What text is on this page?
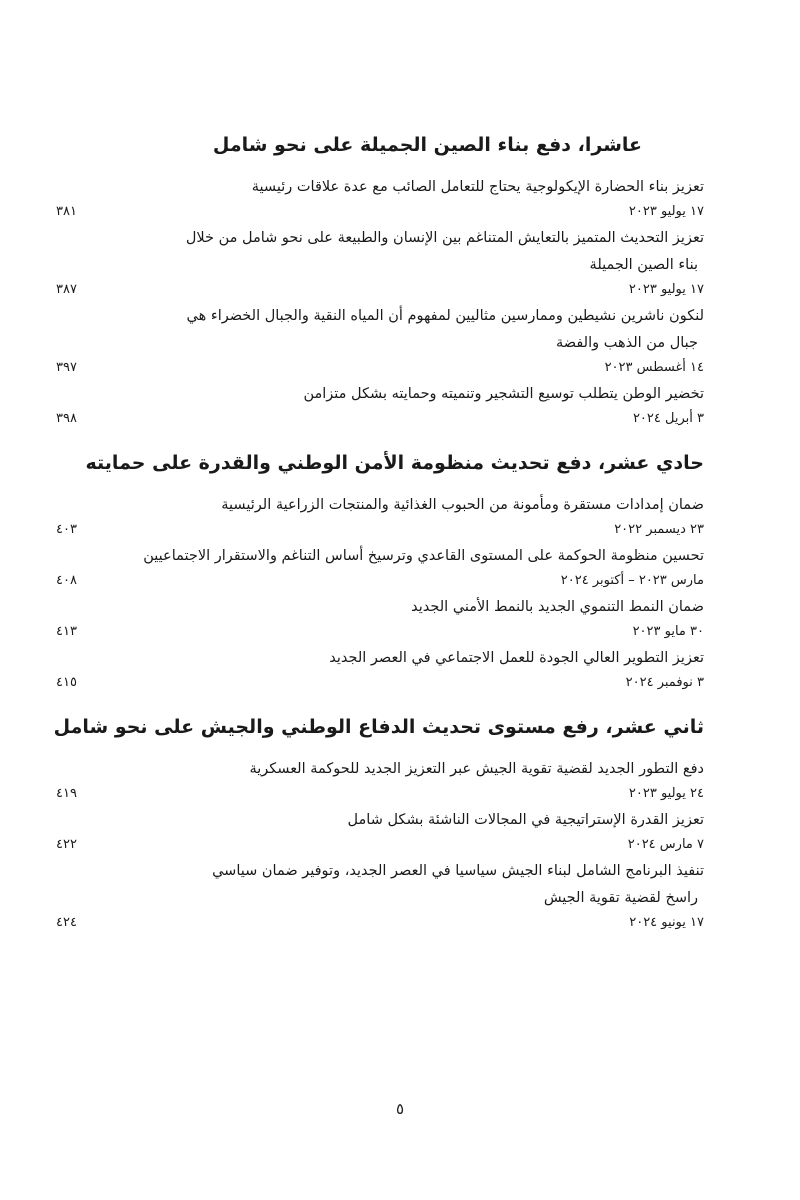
عاشرا، دفع بناء الصين الجميلة على نحو شامل

تعزيز بناء الحضارة الإيكولوجية يحتاج للتعامل الصائب مع عدة علاقات رئيسية

١٧ يوليو ٢٠٢٣
٣٨١

تعزيز التحديث المتميز بالتعايش المتناغم بين الإنسان والطبيعة على نحو شامل من خلال

بناء الصين الجميلة

١٧ يوليو ٢٠٢٣
٣٨٧

لنكون ناشرين نشيطين وممارسين مثاليين لمفهوم أن المياه النقية والجبال الخضراء هي

جبال من الذهب والفضة

١٤ أغسطس ٢٠٢٣
٣٩٧

تخضير الوطن يتطلب توسيع التشجير وتنميته وحمايته بشكل متزامن

٣ أبريل ٢٠٢٤
٣٩٨
حادي عشر، دفع تحديث منظومة الأمن الوطني والقدرة على حمايته

ضمان إمدادات مستقرة ومأمونة من الحبوب الغذائية والمنتجات الزراعية الرئيسية

٢٣ ديسمبر ٢٠٢٢
٤٠٣

تحسين منظومة الحوكمة على المستوى القاعدي وترسيخ أساس التناغم والاستقرار الاجتماعيين

مارس ٢٠٢٣ – أكتوبر ٢٠٢٤
٤٠٨

ضمان النمط التنموي الجديد بالنمط الأمني الجديد

٣٠ مايو ٢٠٢٣
٤١٣

تعزيز التطوير العالي الجودة للعمل الاجتماعي في العصر الجديد

٣ نوفمبر ٢٠٢٤
٤١٥
ثاني عشر، رفع مستوى تحديث الدفاع الوطني والجيش على نحو شامل

دفع التطور الجديد لقضية تقوية الجيش عبر التعزيز الجديد للحوكمة العسكرية

٢٤ يوليو ٢٠٢٣
٤١٩

تعزيز القدرة الإستراتيجية في المجالات الناشئة بشكل شامل

٧ مارس ٢٠٢٤
٤٢٢

تنفيذ البرنامج الشامل لبناء الجيش سياسيا في العصر الجديد، وتوفير ضمان سياسي

راسخ لقضية تقوية الجيش

١٧ يونيو ٢٠٢٤
٤٢٤
٥
